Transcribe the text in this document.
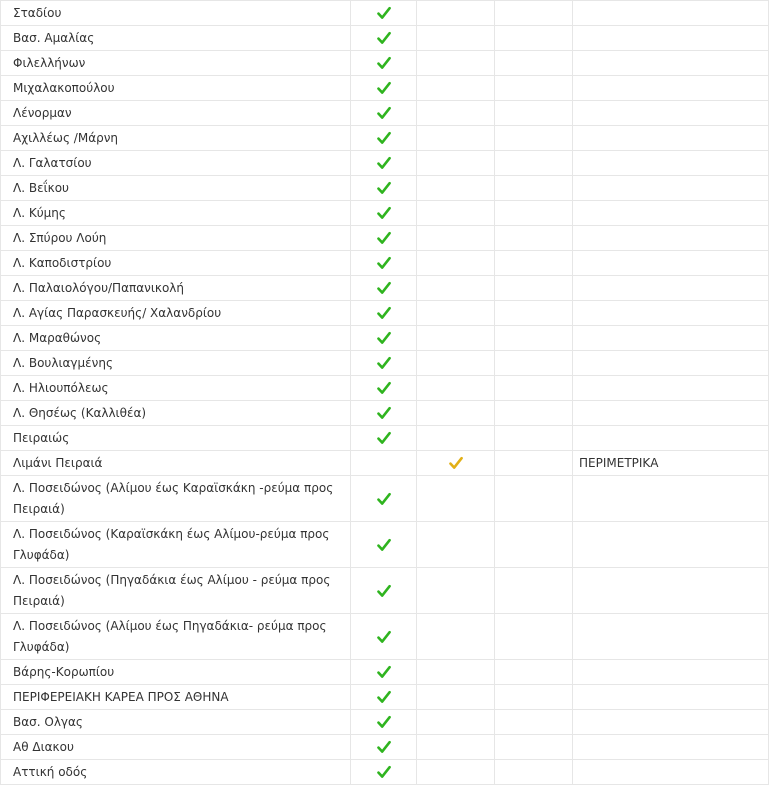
Σταδίου	

Βασ. Αμαλίας	

Φιλελλήνων	

Μιχαλακοπούλου	

Λένορμαν	

Αχιλλέως /Μάρνη	

Λ. Γαλατσίου	

Λ. Βεΐκου	

Λ. Κύμης	

Λ. Σπύρου Λούη	

Λ. Καποδιστρίου	

Λ. Παλαιολόγου/Παπανικολή	

Λ. Αγίας Παρασκευής/ Χαλανδρίου	

Λ. Μαραθώνος	

Λ. Βουλιαγμένης	

Λ. Ηλιουπόλεως	

Λ. Θησέως (Καλλιθέα)	

Πειραιώς	

Λιμάνι Πειραιά				ΠΕΡΙΜΕΤΡΙΚΑ
Λ. Ποσειδώνος (Αλίμου έως Καραϊσκάκη -ρεύμα προς Πειραιά)	

Λ. Ποσειδώνος (Καραϊσκάκη έως Αλίμου-ρεύμα προς Γλυφάδα)	

Λ. Ποσειδώνος (Πηγαδάκια έως Αλίμου - ρεύμα προς Πειραιά)	

Λ. Ποσειδώνος (Αλίμου έως Πηγαδάκια- ρεύμα προς Γλυφάδα)	

Βάρης-Κορωπίου	

ΠΕΡΙΦΕΡΕΙΑΚΗ ΚΑΡΕΑ ΠΡΟΣ ΑΘΗΝΑ	

Βασ. Ολγας	

Αθ Διακου	

Αττική οδός	
